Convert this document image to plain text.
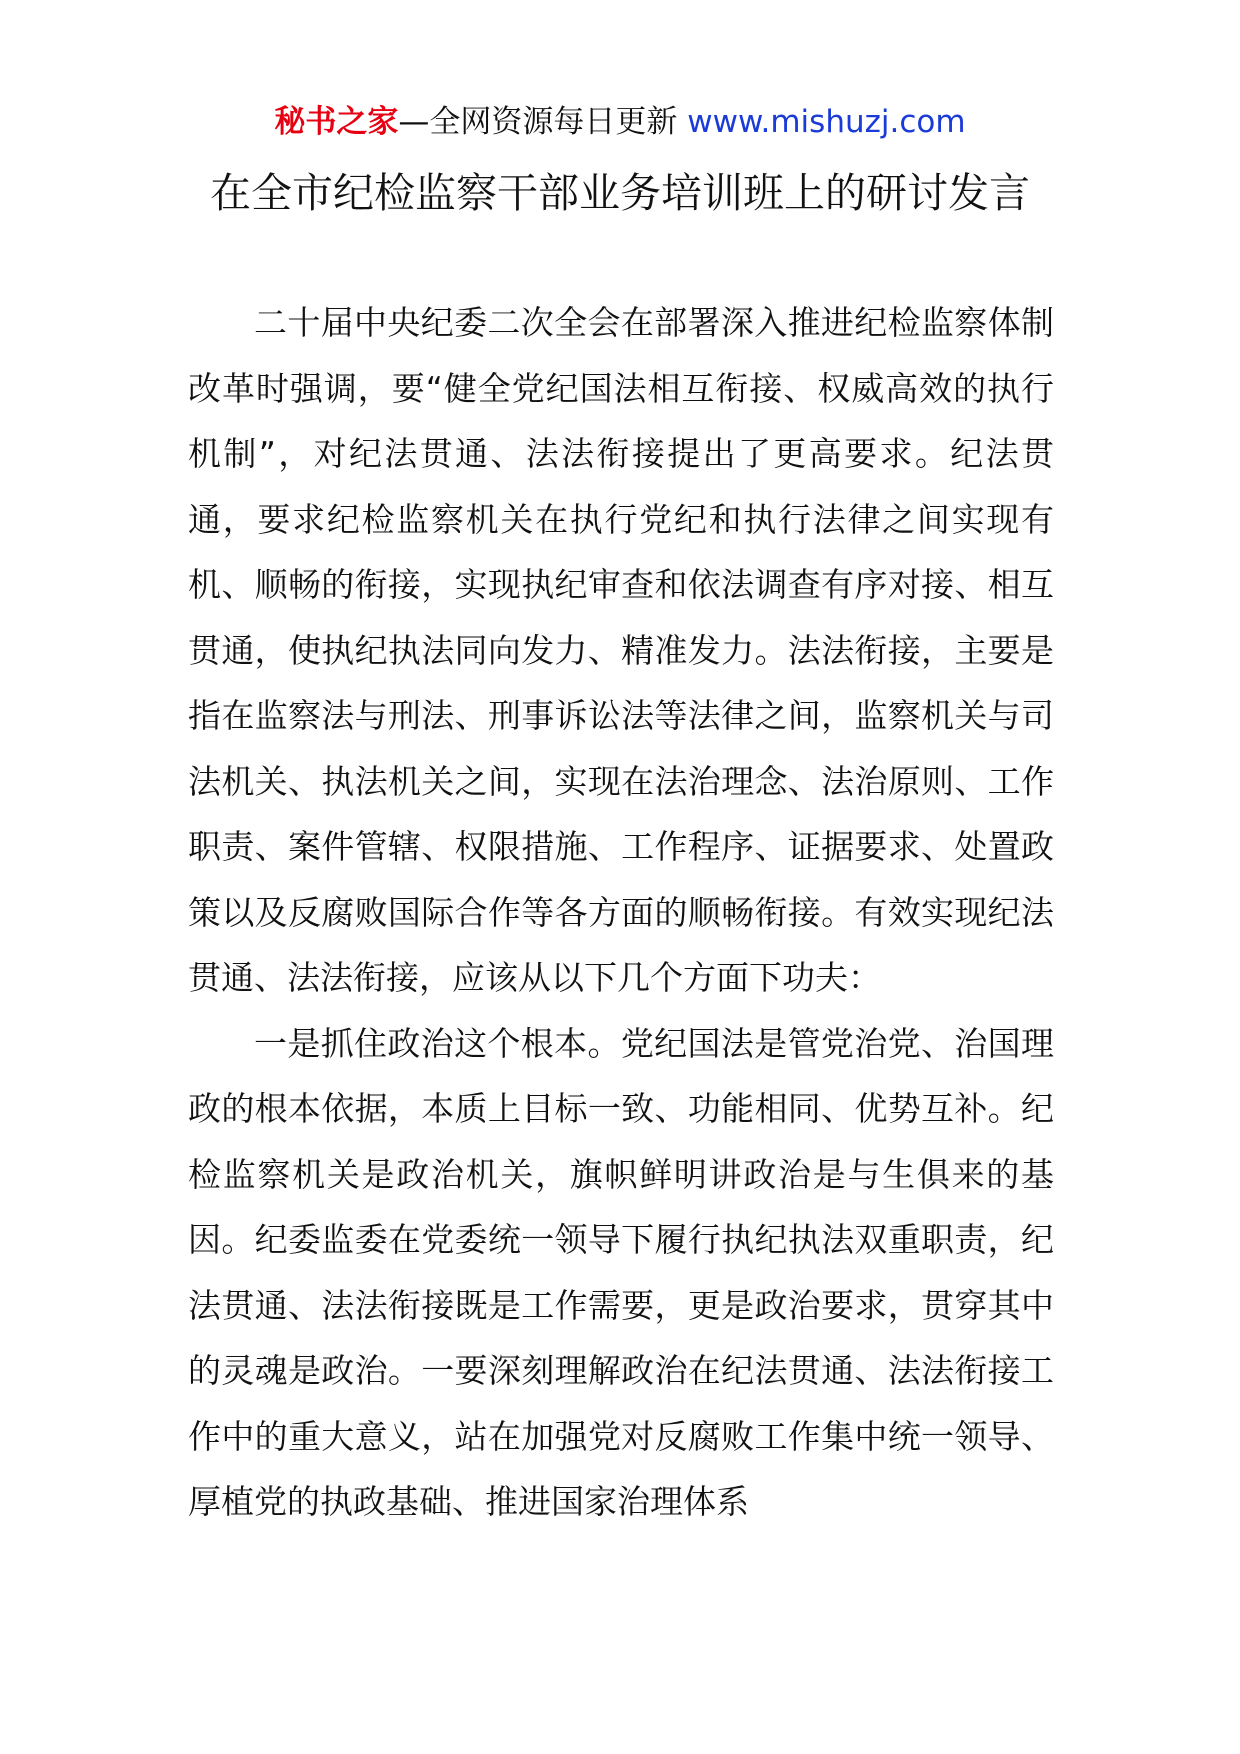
秘书之家—全网资源每日更新 www.mishuzj.com
在全市纪检监察干部业务培训班上的研讨发言

二十届中央纪委二次全会在部署深入推进纪检监察体制改革时强调，要“健全党纪国法相互衔接、权威高效的执行机制”，对纪法贯通、法法衔接提出了更高要求。纪法贯通，要求纪检监察机关在执行党纪和执行法律之间实现有机、顺畅的衔接，实现执纪审查和依法调查有序对接、相互贯通，使执纪执法同向发力、精准发力。法法衔接，主要是指在监察法与刑法、刑事诉讼法等法律之间，监察机关与司法机关、执法机关之间，实现在法治理念、法治原则、工作职责、案件管辖、权限措施、工作程序、证据要求、处置政策以及反腐败国际合作等各方面的顺畅衔接。有效实现纪法贯通、法法衔接，应该从以下几个方面下功夫：

一是抓住政治这个根本。党纪国法是管党治党、治国理政的根本依据，本质上目标一致、功能相同、优势互补。纪检监察机关是政治机关，旗帜鲜明讲政治是与生俱来的基因。纪委监委在党委统一领导下履行执纪执法双重职责，纪法贯通、法法衔接既是工作需要，更是政治要求，贯穿其中的灵魂是政治。一要深刻理解政治在纪法贯通、法法衔接工作中的重大意义，站在加强党对反腐败工作集中统一领导、厚植党的执政基础、推进国家治理体系
